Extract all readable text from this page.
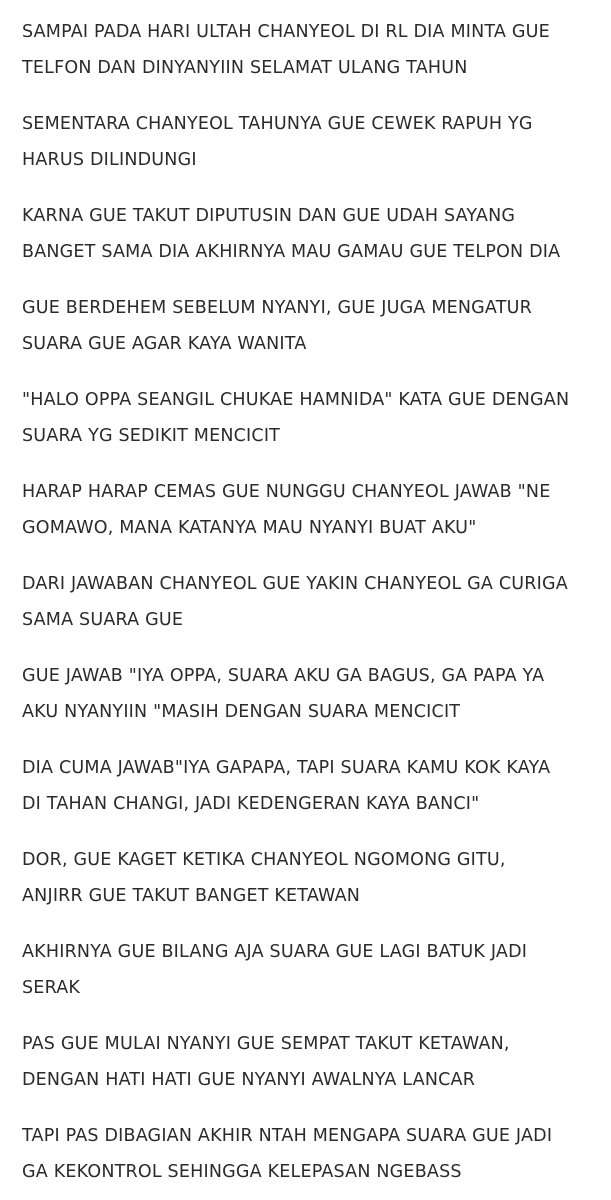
SAMPAI PADA HARI ULTAH CHANYEOL DI RL DIA MINTA GUE
TELFON DAN DINYANYIIN SELAMAT ULANG TAHUN

SEMENTARA CHANYEOL TAHUNYA GUE CEWEK RAPUH YG
HARUS DILINDUNGI

KARNA GUE TAKUT DIPUTUSIN DAN GUE UDAH SAYANG
BANGET SAMA DIA AKHIRNYA MAU GAMAU GUE TELPON DIA

GUE BERDEHEM SEBELUM NYANYI, GUE JUGA MENGATUR
SUARA GUE AGAR KAYA WANITA

"HALO OPPA SEANGIL CHUKAE HAMNIDA" KATA GUE DENGAN
SUARA YG SEDIKIT MENCICIT

HARAP HARAP CEMAS GUE NUNGGU CHANYEOL JAWAB "NE
GOMAWO, MANA KATANYA MAU NYANYI BUAT AKU"

DARI JAWABAN CHANYEOL GUE YAKIN CHANYEOL GA CURIGA
SAMA SUARA GUE

GUE JAWAB "IYA OPPA, SUARA AKU GA BAGUS, GA PAPA YA
AKU NYANYIIN "MASIH DENGAN SUARA MENCICIT

DIA CUMA JAWAB"IYA GAPAPA, TAPI SUARA KAMU KOK KAYA
DI TAHAN CHANGI, JADI KEDENGERAN KAYA BANCI"

DOR, GUE KAGET KETIKA CHANYEOL NGOMONG GITU,
ANJIRR GUE TAKUT BANGET KETAWAN

AKHIRNYA GUE BILANG AJA SUARA GUE LAGI BATUK JADI
SERAK

PAS GUE MULAI NYANYI GUE SEMPAT TAKUT KETAWAN,
DENGAN HATI HATI GUE NYANYI AWALNYA LANCAR

TAPI PAS DIBAGIAN AKHIR NTAH MENGAPA SUARA GUE JADI
GA KEKONTROL SEHINGGA KELEPASAN NGEBASS
